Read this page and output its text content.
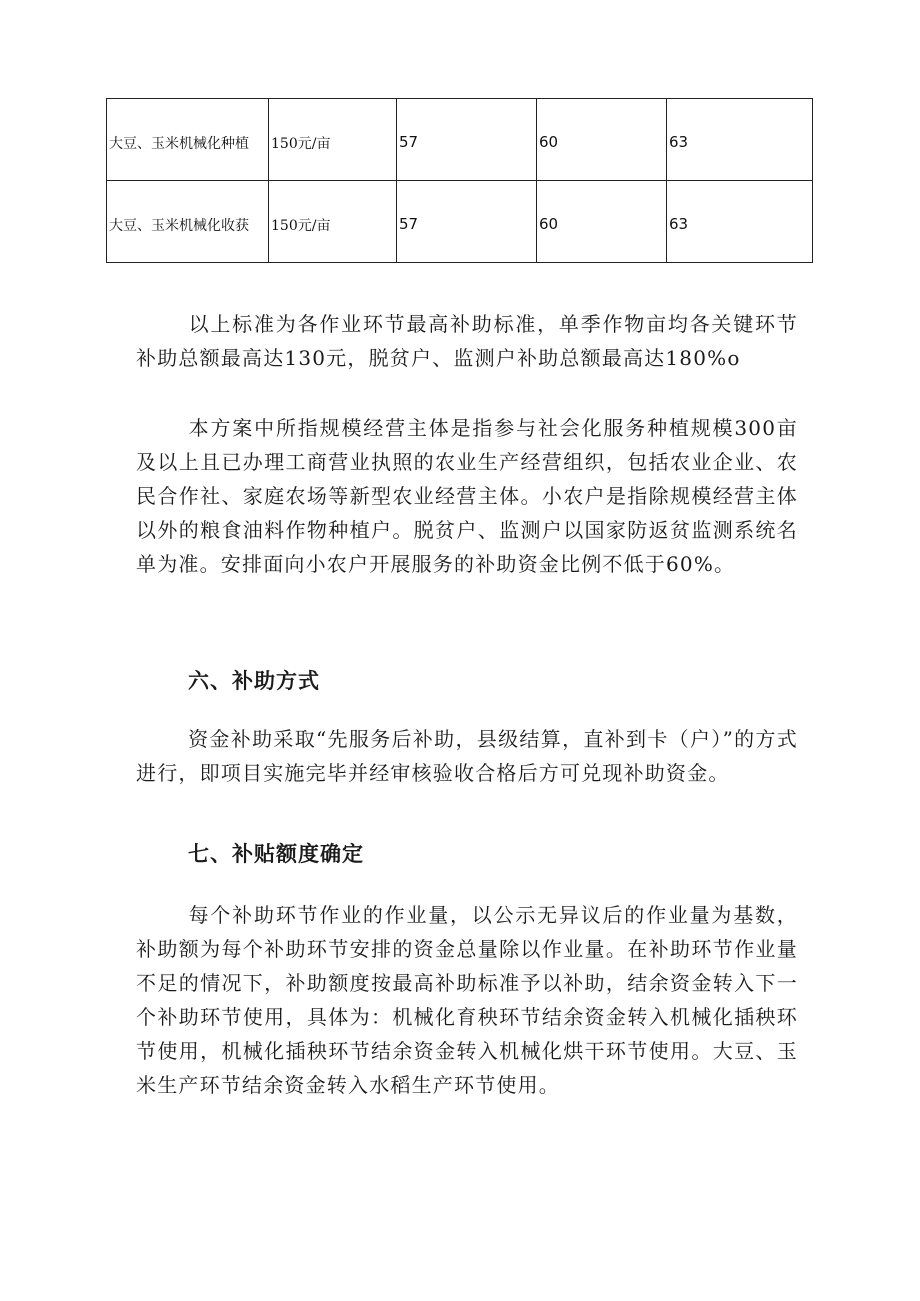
大豆、玉米机械化种植	150元/亩	57	60	63
大豆、玉米机械化收获	150元/亩	57	60	63

以上标准为各作业环节最高补助标准，单季作物亩均各关键环节补助总额最高达130元，脱贫户、监测户补助总额最高达180%o

本方案中所指规模经营主体是指参与社会化服务种植规模300亩及以上且已办理工商营业执照的农业生产经营组织，包括农业企业、农民合作社、家庭农场等新型农业经营主体。小农户是指除规模经营主体以外的粮食油料作物种植户。脱贫户、监测户以国家防返贫监测系统名单为准。安排面向小农户开展服务的补助资金比例不低于60%。

六、补助方式

资金补助采取“先服务后补助，县级结算，直补到卡（户）”的方式进行，即项目实施完毕并经审核验收合格后方可兑现补助资金。

七、补贴额度确定

每个补助环节作业的作业量，以公示无异议后的作业量为基数，补助额为每个补助环节安排的资金总量除以作业量。在补助环节作业量不足的情况下，补助额度按最高补助标准予以补助，结余资金转入下一个补助环节使用，具体为：机械化育秧环节结余资金转入机械化插秧环节使用，机械化插秧环节结余资金转入机械化烘干环节使用。大豆、玉米生产环节结余资金转入水稻生产环节使用。
